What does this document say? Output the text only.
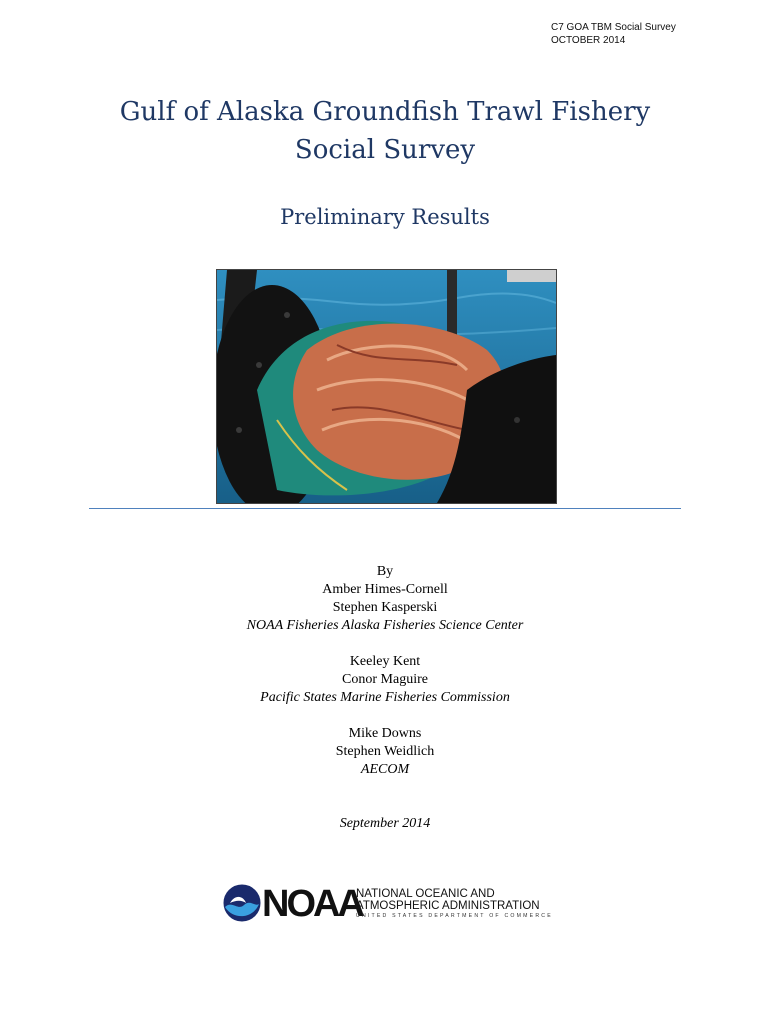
C7 GOA TBM Social Survey
OCTOBER 2014
Gulf of Alaska Groundfish Trawl Fishery
Social Survey
Preliminary Results
By
Amber Himes-Cornell
Stephen Kasperski
NOAA Fisheries Alaska Fisheries Science Center
Keeley Kent
Conor Maguire
Pacific States Marine Fisheries Commission
Mike Downs
Stephen Weidlich
AECOM
September 2014
NOAA
NATIONAL OCEANIC AND
ATMOSPHERIC ADMINISTRATION
UNITED STATES DEPARTMENT OF COMMERCE
